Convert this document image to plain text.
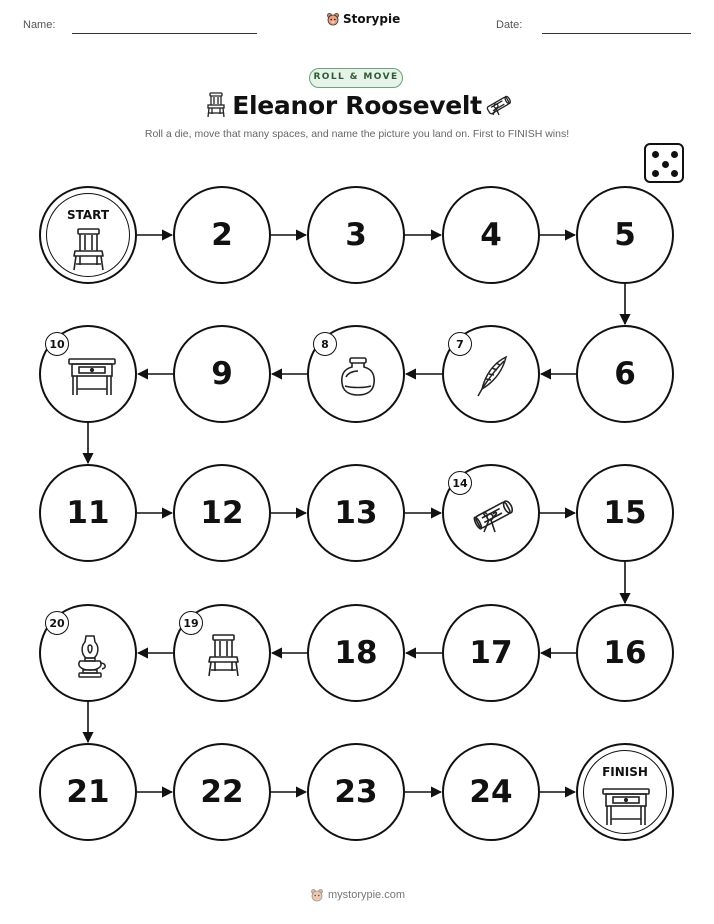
Name:	Storypie	Date:
ROLL & MOVE
Eleanor Roosevelt
Roll a die, move that many spaces, and name the picture you land on. First to FINISH wins!
START
2	3	4	5
6
7
8
9
10
11	12	13
14
15
16
17
18
19
20
21	22	23	24
FINISH
mystorypie.com
